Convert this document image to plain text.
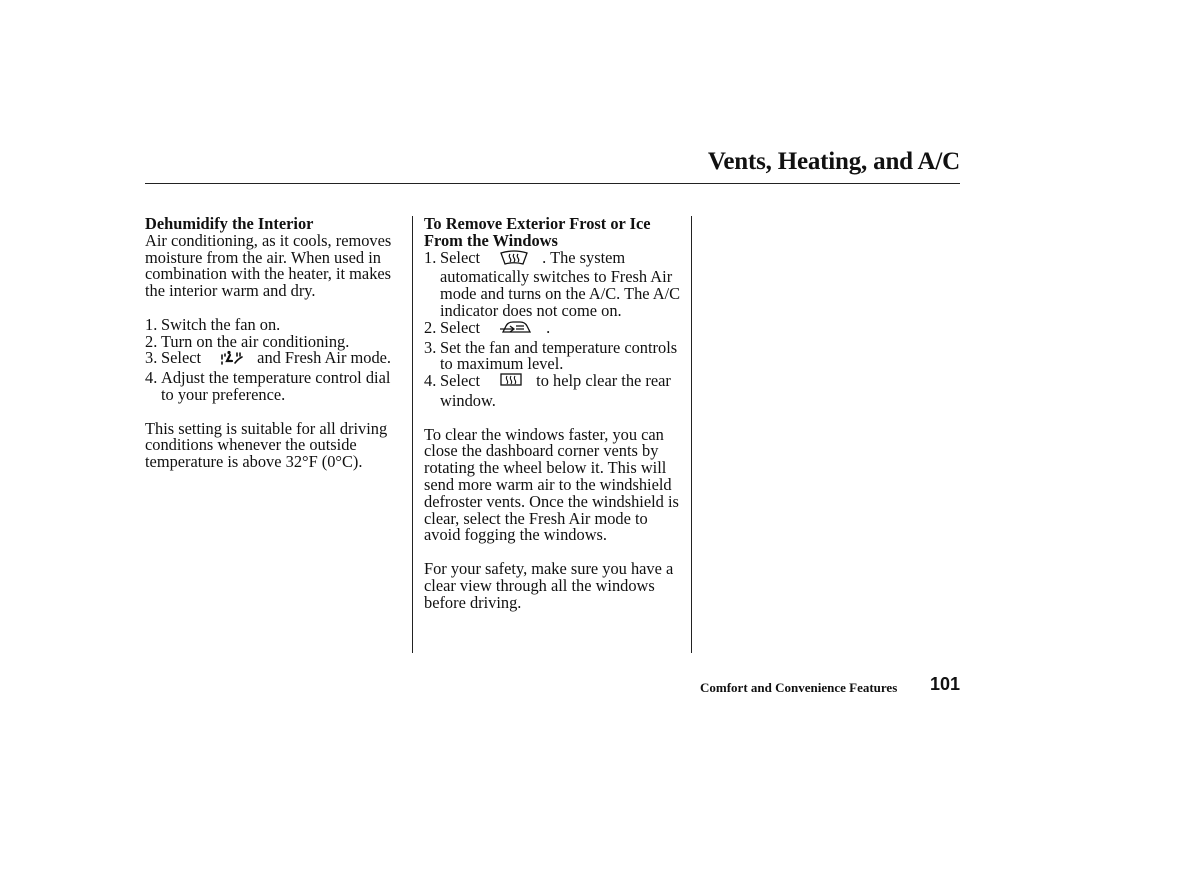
Vents, Heating, and A/C
Dehumidify the Interior

Air conditioning, as it cools, removes moisture from the air. When used in combination with the heater, it makes the interior warm and dry.

1. Switch the fan on.
2. Turn on the air conditioning.
3. Select	and Fresh Air mode.
4. Adjust the temperature control dial to your preference.

This setting is suitable for all driving conditions whenever the outside temperature is above 32°F (0°C).

To Remove Exterior Frost or Ice From the Windows
1. Select	. The system automatically switches to Fresh Air mode and turns on the A/C. The A/C indicator does not come on.
2. Select	.
3. Set the fan and temperature controls to maximum level.
4. Select	to help clear the rear window.

To clear the windows faster, you can close the dashboard corner vents by rotating the wheel below it. This will send more warm air to the windshield defroster vents. Once the windshield is clear, select the Fresh Air mode to avoid fogging the windows.

For your safety, make sure you have a clear view through all the windows before driving.

Comfort and Convenience Features 101
